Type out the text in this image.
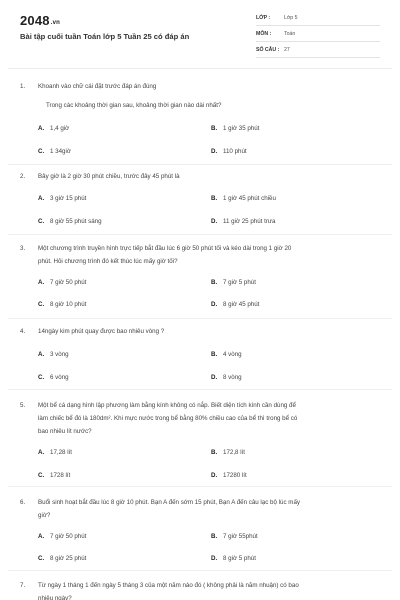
2048.vn
Bài tập cuối tuần Toán lớp 5 Tuần 25 có đáp án
LỚP :	Lớp 5
MÔN : Toán
SỐ CÂU : 27
1. Khoanh vào chữ cái đặt trước đáp án đúng
Trong các khoảng thời gian sau, khoảng thời gian nào dài nhất?
A. 1,4 giờ	B. 1 giờ 35 phút
C. 1 34giờ	D. 110 phút
2. Bây giờ là 2 giờ 30 phút chiều, trước đây 45 phút là
A. 3 giờ 15 phút	B. 1 giờ 45 phút chiều
C. 8 giờ 55 phút sáng	D. 11 giờ 25 phút trưa
3. Một chương trình truyền hình trực tiếp bắt đầu lúc 6 giờ 50 phút tối và kéo dài trong 1 giờ 20
phút. Hỏi chương trình đó kết thúc lúc mấy giờ tối?
A. 7 giờ 50 phút	B. 7 giờ 5 phút
C. 8 giờ 10 phút	D. 8 giờ 45 phút
4. 14ngày kim phút quay được bao nhiêu vòng ?
A. 3 vòng	B. 4 vòng
C. 6 vòng	D. 8 vòng
5. Một bể cá dạng hình lập phương làm bằng kính không có nắp. Biết diện tích kính cần dùng để
làm chiếc bể đó là 180dm². Khi mực nước trong bể bằng 80% chiều cao của bể thì trong bể có
bao nhiêu lít nước?
A. 17,28 lít	B. 172,8 lít
C. 1728 lít	D. 17280 lít
6. Buổi sinh hoạt bắt đầu lúc 8 giờ 10 phút. Bạn A đến sớm 15 phút, Bạn A đến câu lạc bộ lúc mấy
giờ?
A. 7 giờ 50 phút	B. 7 giờ 55phút
C. 8 giờ 25 phút	D. 8 giờ 5 phút
7. Từ ngày 1 tháng 1 đến ngày 5 tháng 3 của một năm nào đó ( không phải là năm nhuận) có bao
nhiêu ngày?
